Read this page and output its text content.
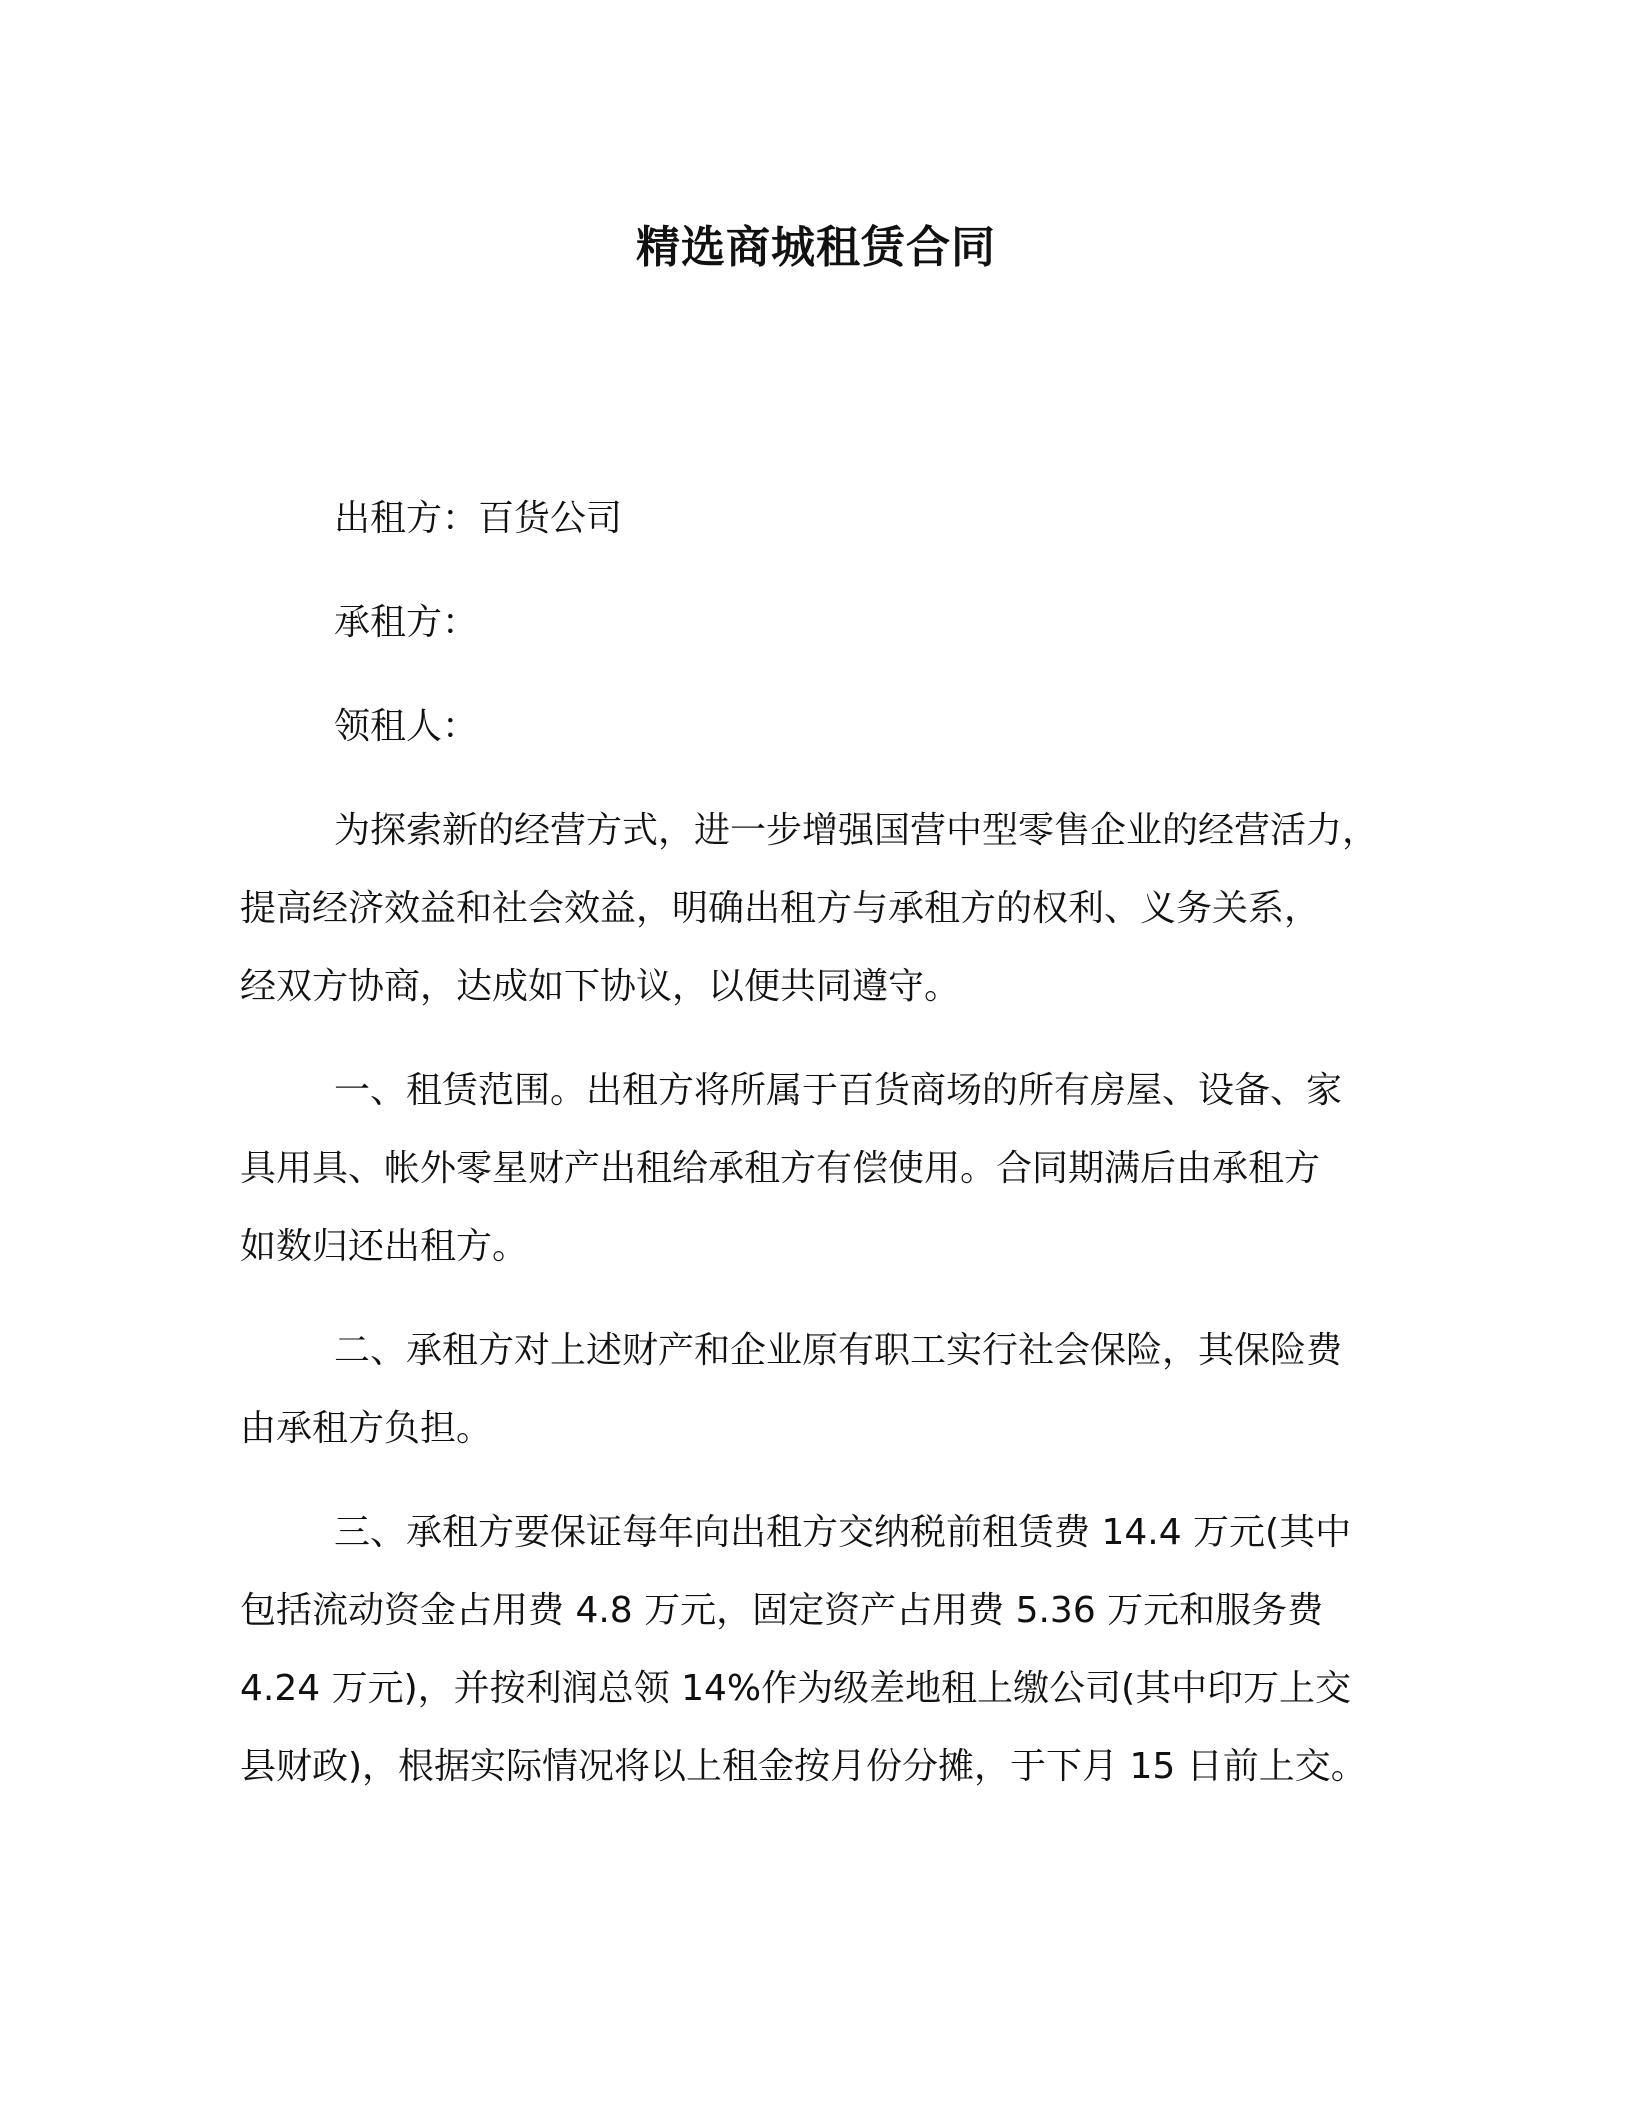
精选商城租赁合同
出租方：百货公司
承租方：
领租人：
为探索新的经营方式，进一步增强国营中型零售企业的经营活力，
提高经济效益和社会效益，明确出租方与承租方的权利、义务关系，
经双方协商，达成如下协议，以便共同遵守。
一、租赁范围。出租方将所属于百货商场的所有房屋、设备、家
具用具、帐外零星财产出租给承租方有偿使用。合同期满后由承租方
如数归还出租方。
二、承租方对上述财产和企业原有职工实行社会保险，其保险费
由承租方负担。
三、承租方要保证每年向出租方交纳税前租赁费 14.4 万元(其中
包括流动资金占用费 4.8 万元，固定资产占用费 5.36 万元和服务费
4.24 万元)，并按利润总领 14%作为级差地租上缴公司(其中印万上交
县财政)，根据实际情况将以上租金按月份分摊，于下月 15 日前上交。
